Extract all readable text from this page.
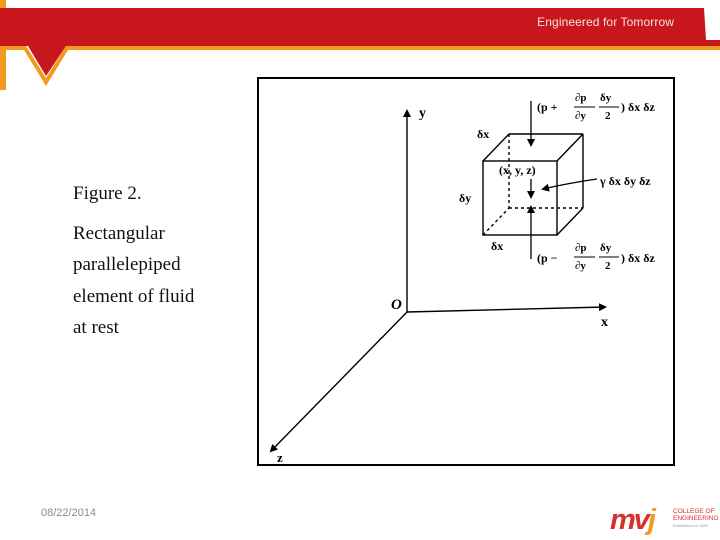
Engineered for Tomorrow
Figure 2.
Rectangular
parallelepiped
element of fluid
at rest
y
x
z
O
(x, y, z)
δx
δy
δx
γ δx δy δz
(p +
∂p
∂y
δy
2
) δx δz
(p −
∂p
∂y
δy
2
) δx δz
08/22/2014	mvj	COLLEGE OF
ENGINEERING
Established in 1982
